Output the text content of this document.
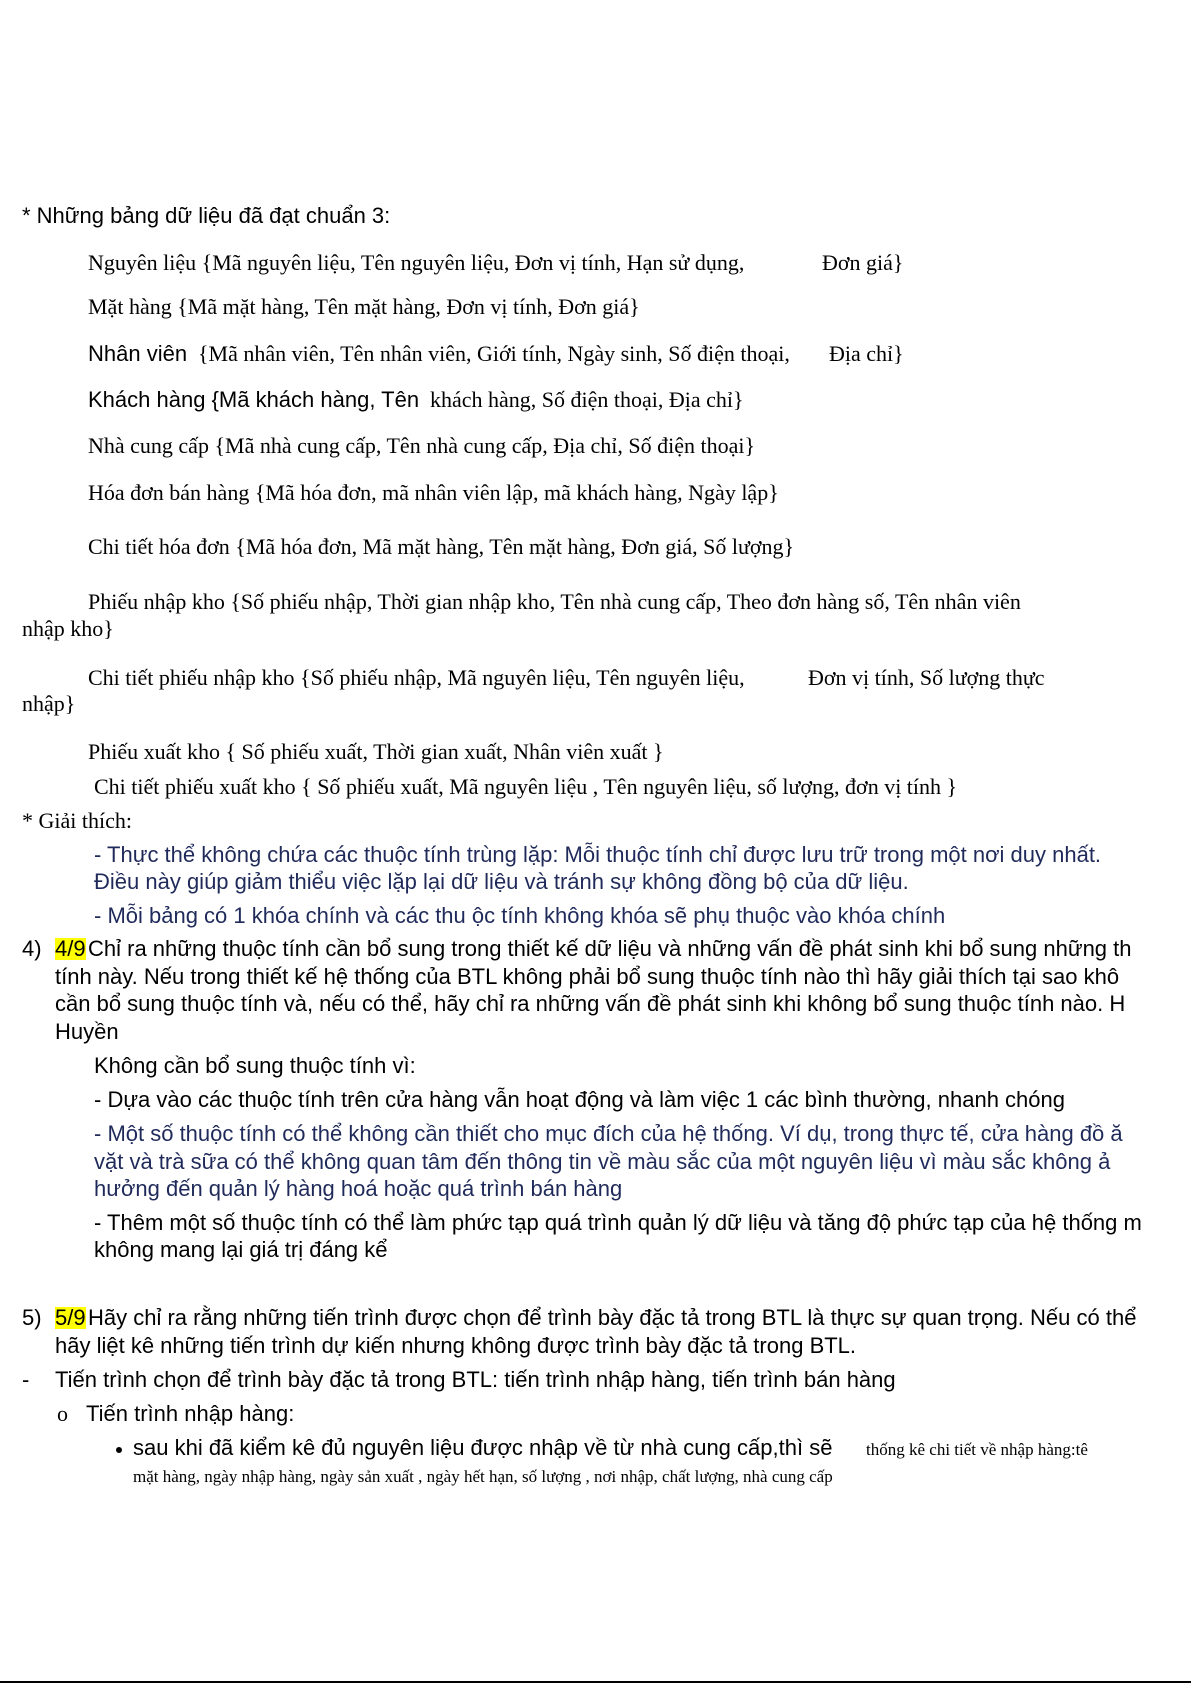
* Những bảng dữ liệu đã đạt chuẩn 3:
Nguyên liệu {Mã nguyên liệu, Tên nguyên liệu, Đơn vị tính, Hạn sử dụng,	Đơn giá}
Mặt hàng {Mã mặt hàng, Tên mặt hàng, Đơn vị tính, Đơn giá}
Nhân viên {Mã nhân viên, Tên nhân viên, Giới tính, Ngày sinh, Số điện thoại, Địa chỉ}
Khách hàng {Mã khách hàng, Tên khách hàng, Số điện thoại, Địa chỉ}
Nhà cung cấp {Mã nhà cung cấp, Tên nhà cung cấp, Địa chỉ, Số điện thoại}
Hóa đơn bán hàng {Mã hóa đơn, mã nhân viên lập, mã khách hàng, Ngày lập}
Chi tiết hóa đơn {Mã hóa đơn, Mã mặt hàng, Tên mặt hàng, Đơn giá, Số lượng}
Phiếu nhập kho {Số phiếu nhập, Thời gian nhập kho, Tên nhà cung cấp, Theo đơn hàng số, Tên nhân viên
nhập kho}
Chi tiết phiếu nhập kho {Số phiếu nhập, Mã nguyên liệu, Tên nguyên liệu,	Đơn vị tính, Số lượng thực
nhập}
Phiếu xuất kho { Số phiếu xuất, Thời gian xuất, Nhân viên xuất }
Chi tiết phiếu xuất kho { Số phiếu xuất, Mã nguyên liệu , Tên nguyên liệu, số lượng, đơn vị tính }
* Giải thích:
- Thực thể không chứa các thuộc tính trùng lặp: Mỗi thuộc tính chỉ được lưu trữ trong một nơi duy nhất.
Điều này giúp giảm thiểu việc lặp lại dữ liệu và tránh sự không đồng bộ của dữ liệu.
- Mỗi bảng có 1 khóa chính và các thu ộc tính không khóa sẽ phụ thuộc vào khóa chính
4) 4/9 Chỉ ra những thuộc tính cần bổ sung trong thiết kế dữ liệu và những vấn đề phát sinh khi bổ sung những th
tính này. Nếu trong thiết kế hệ thống của BTL không phải bổ sung thuộc tính nào thì hãy giải thích tại sao khô
cần bổ sung thuộc tính và, nếu có thể, hãy chỉ ra những vấn đề phát sinh khi không bổ sung thuộc tính nào. H
Huyền
Không cần bổ sung thuộc tính vì:
- Dựa vào các thuộc tính trên cửa hàng vẫn hoạt động và làm việc 1 các bình thường, nhanh chóng
- Một số thuộc tính có thể không cần thiết cho mục đích của hệ thống. Ví dụ, trong thực tế, cửa hàng đồ ă
vặt và trà sữa có thể không quan tâm đến thông tin về màu sắc của một nguyên liệu vì màu sắc không ả
hưởng đến quản lý hàng hoá hoặc quá trình bán hàng
- Thêm một số thuộc tính có thể làm phức tạp quá trình quản lý dữ liệu và tăng độ phức tạp của hệ thống m
không mang lại giá trị đáng kể
5) 5/9 Hãy chỉ ra rằng những tiến trình được chọn để trình bày đặc tả trong BTL là thực sự quan trọng. Nếu có thể
hãy liệt kê những tiến trình dự kiến nhưng không được trình bày đặc tả trong BTL.
- Tiến trình chọn để trình bày đặc tả trong BTL: tiến trình nhập hàng, tiến trình bán hàng
o Tiến trình nhập hàng:
sau khi đã kiểm kê đủ nguyên liệu được nhập về từ nhà cung cấp,thì sẽ thống kê chi tiết về nhập hàng:tê
mặt hàng, ngày nhập hàng, ngày sản xuất , ngày hết hạn, số lượng , nơi nhập, chất lượng, nhà cung cấp
